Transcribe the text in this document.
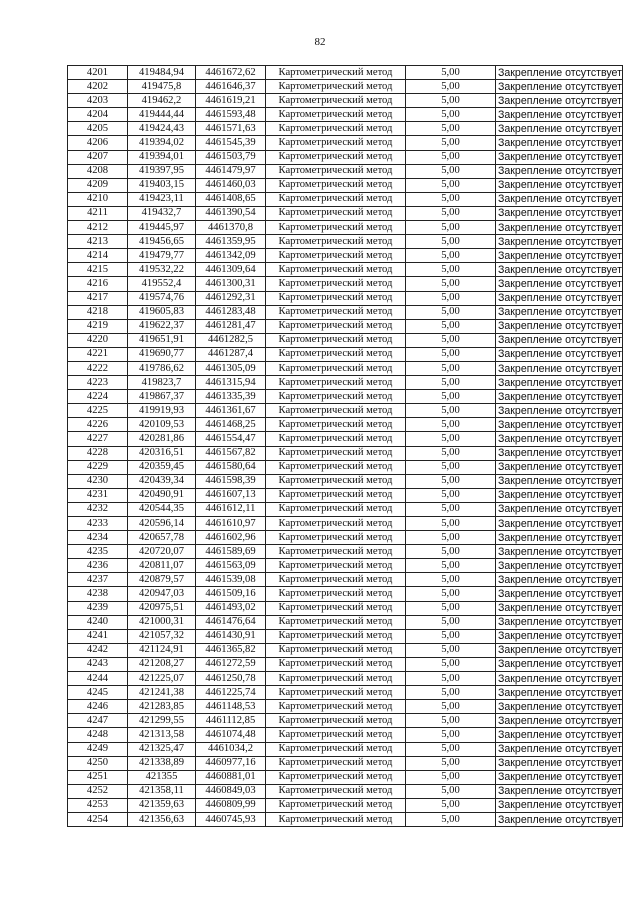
82
4201	419484,94	4461672,62	Картометрический метод	5,00	Закрепление отсутствует
4202	419475,8	4461646,37	Картометрический метод	5,00	Закрепление отсутствует
4203	419462,2	4461619,21	Картометрический метод	5,00	Закрепление отсутствует
4204	419444,44	4461593,48	Картометрический метод	5,00	Закрепление отсутствует
4205	419424,43	4461571,63	Картометрический метод	5,00	Закрепление отсутствует
4206	419394,02	4461545,39	Картометрический метод	5,00	Закрепление отсутствует
4207	419394,01	4461503,79	Картометрический метод	5,00	Закрепление отсутствует
4208	419397,95	4461479,97	Картометрический метод	5,00	Закрепление отсутствует
4209	419403,15	4461460,03	Картометрический метод	5,00	Закрепление отсутствует
4210	419423,11	4461408,65	Картометрический метод	5,00	Закрепление отсутствует
4211	419432,7	4461390,54	Картометрический метод	5,00	Закрепление отсутствует
4212	419445,97	4461370,8	Картометрический метод	5,00	Закрепление отсутствует
4213	419456,65	4461359,95	Картометрический метод	5,00	Закрепление отсутствует
4214	419479,77	4461342,09	Картометрический метод	5,00	Закрепление отсутствует
4215	419532,22	4461309,64	Картометрический метод	5,00	Закрепление отсутствует
4216	419552,4	4461300,31	Картометрический метод	5,00	Закрепление отсутствует
4217	419574,76	4461292,31	Картометрический метод	5,00	Закрепление отсутствует
4218	419605,83	4461283,48	Картометрический метод	5,00	Закрепление отсутствует
4219	419622,37	4461281,47	Картометрический метод	5,00	Закрепление отсутствует
4220	419651,91	4461282,5	Картометрический метод	5,00	Закрепление отсутствует
4221	419690,77	4461287,4	Картометрический метод	5,00	Закрепление отсутствует
4222	419786,62	4461305,09	Картометрический метод	5,00	Закрепление отсутствует
4223	419823,7	4461315,94	Картометрический метод	5,00	Закрепление отсутствует
4224	419867,37	4461335,39	Картометрический метод	5,00	Закрепление отсутствует
4225	419919,93	4461361,67	Картометрический метод	5,00	Закрепление отсутствует
4226	420109,53	4461468,25	Картометрический метод	5,00	Закрепление отсутствует
4227	420281,86	4461554,47	Картометрический метод	5,00	Закрепление отсутствует
4228	420316,51	4461567,82	Картометрический метод	5,00	Закрепление отсутствует
4229	420359,45	4461580,64	Картометрический метод	5,00	Закрепление отсутствует
4230	420439,34	4461598,39	Картометрический метод	5,00	Закрепление отсутствует
4231	420490,91	4461607,13	Картометрический метод	5,00	Закрепление отсутствует
4232	420544,35	4461612,11	Картометрический метод	5,00	Закрепление отсутствует
4233	420596,14	4461610,97	Картометрический метод	5,00	Закрепление отсутствует
4234	420657,78	4461602,96	Картометрический метод	5,00	Закрепление отсутствует
4235	420720,07	4461589,69	Картометрический метод	5,00	Закрепление отсутствует
4236	420811,07	4461563,09	Картометрический метод	5,00	Закрепление отсутствует
4237	420879,57	4461539,08	Картометрический метод	5,00	Закрепление отсутствует
4238	420947,03	4461509,16	Картометрический метод	5,00	Закрепление отсутствует
4239	420975,51	4461493,02	Картометрический метод	5,00	Закрепление отсутствует
4240	421000,31	4461476,64	Картометрический метод	5,00	Закрепление отсутствует
4241	421057,32	4461430,91	Картометрический метод	5,00	Закрепление отсутствует
4242	421124,91	4461365,82	Картометрический метод	5,00	Закрепление отсутствует
4243	421208,27	4461272,59	Картометрический метод	5,00	Закрепление отсутствует
4244	421225,07	4461250,78	Картометрический метод	5,00	Закрепление отсутствует
4245	421241,38	4461225,74	Картометрический метод	5,00	Закрепление отсутствует
4246	421283,85	4461148,53	Картометрический метод	5,00	Закрепление отсутствует
4247	421299,55	4461112,85	Картометрический метод	5,00	Закрепление отсутствует
4248	421313,58	4461074,48	Картометрический метод	5,00	Закрепление отсутствует
4249	421325,47	4461034,2	Картометрический метод	5,00	Закрепление отсутствует
4250	421338,89	4460977,16	Картометрический метод	5,00	Закрепление отсутствует
4251	421355	4460881,01	Картометрический метод	5,00	Закрепление отсутствует
4252	421358,11	4460849,03	Картометрический метод	5,00	Закрепление отсутствует
4253	421359,63	4460809,99	Картометрический метод	5,00	Закрепление отсутствует
4254	421356,63	4460745,93	Картометрический метод	5,00	Закрепление отсутствует
